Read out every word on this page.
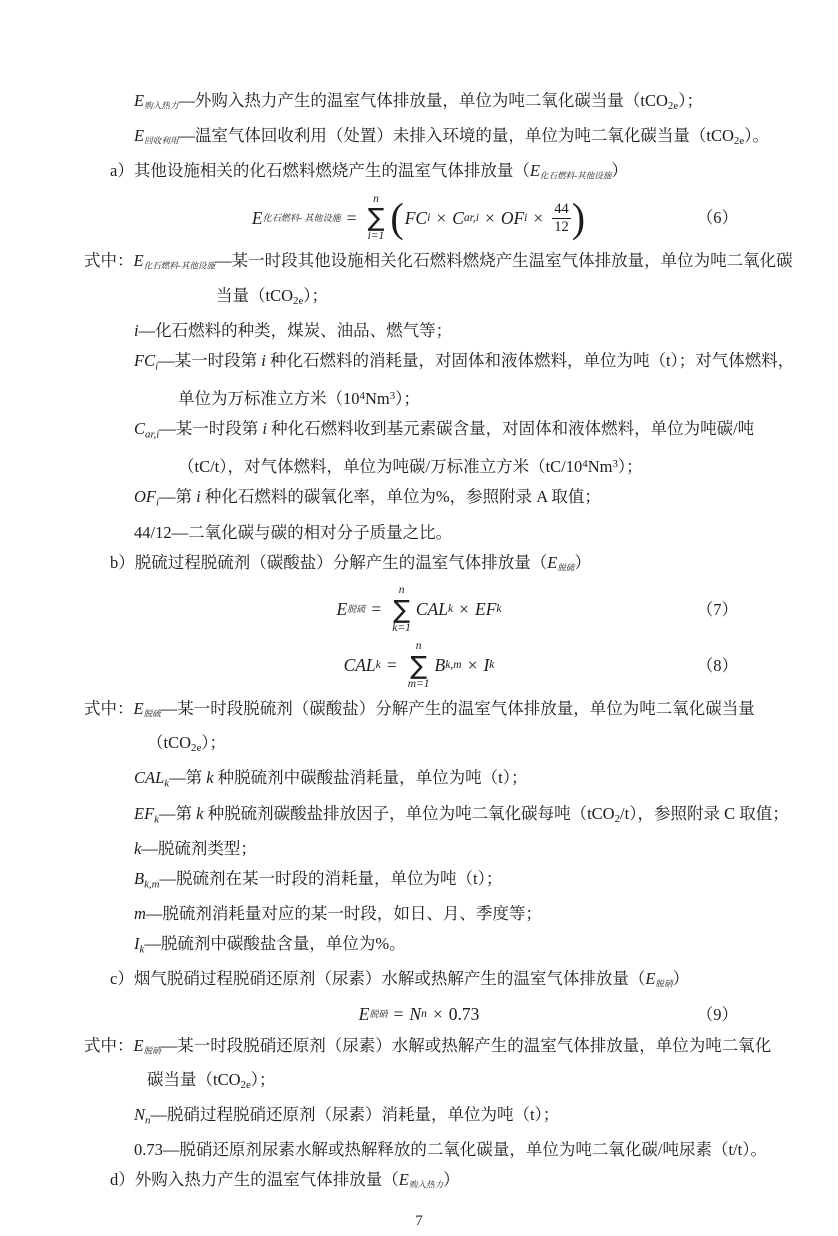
E购入热力—外购入热力产生的温室气体排放量，单位为吨二氧化碳当量（tCO2e）；
E回收利用—温室气体回收利用（处置）未排入环境的量，单位为吨二氧化碳当量（tCO2e）。
a）其他设施相关的化石燃料燃烧产生的温室气体排放量（E化石燃料-其他设施）
E 化石燃料- 其他设施 =
n
∑
i=1 ( FC i × C ar,i × OF $i \times \frac{44}{12}$ )	（6）
式中：E化石燃料-其他设施—某一时段其他设施相关化石燃料燃烧产生温室气体排放量，单位为吨二氧化碳
当量（tCO2e）；
i—化石燃料的种类，煤炭、油品、燃气等；
FCi—某一时段第 i 种化石燃料的消耗量，对固体和液体燃料，单位为吨（t）；对气体燃料，
单位为万标准立方米$(10^4Nm^3)$；
Car,i—某一时段第 i 种化石燃料收到基元素碳含量，对固体和液体燃料，单位为吨碳/吨
（tC/t），对气体燃料，单位为吨碳/万标准立方米$(tC/10^4Nm^3)$；
OFi—第 i 种化石燃料的碳氧化率，单位为%，参照附录 A 取值；
44/12—二氧化碳与碳的相对分子质量之比。
b）脱硫过程脱硫剂（碳酸盐）分解产生的温室气体排放量（E脱硫）
E 脱硫 =
n
∑
k=1
CAL k × EF k	（7）
CAL k =
n
∑
m=1
B k,m × I k	（8）
式中：E脱硫—某一时段脱硫剂（碳酸盐）分解产生的温室气体排放量，单位为吨二氧化碳当量
（tCO2e）；
CALk—第 k 种脱硫剂中碳酸盐消耗量，单位为吨（t）；
EFk—第 k 种脱硫剂碳酸盐排放因子，单位为吨二氧化碳每吨（tCO2/t），参照附录 C 取值；
k—脱硫剂类型；
Bk,m—脱硫剂在某一时段的消耗量，单位为吨（t）；
m—脱硫剂消耗量对应的某一时段，如日、月、季度等；
Ik—脱硫剂中碳酸盐含量，单位为%。
c）烟气脱硝过程脱硝还原剂（尿素）水解或热解产生的温室气体排放量（E脱硝）
E 脱硝 = N n × 0.73	（9）
式中：E脱硝—某一时段脱硝还原剂（尿素）水解或热解产生的温室气体排放量，单位为吨二氧化
碳当量（tCO2e）；
Nn—脱硝过程脱硝还原剂（尿素）消耗量，单位为吨（t）；
0.73—脱硝还原剂尿素水解或热解释放的二氧化碳量，单位为吨二氧化碳/吨尿素（t/t）。
d）外购入热力产生的温室气体排放量（E购入热力）
7
